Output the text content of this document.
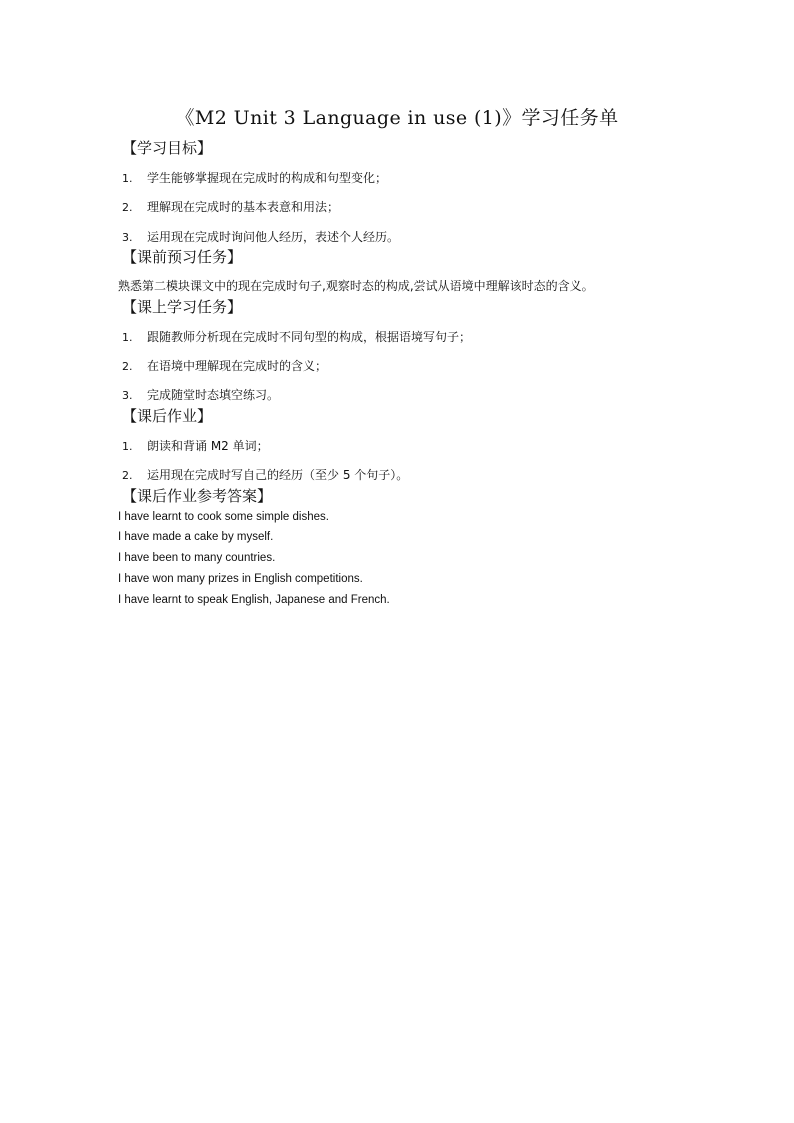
《M2 Unit 3 Language in use (1)》学习任务单
【学习目标】
1. 学生能够掌握现在完成时的构成和句型变化；
2. 理解现在完成时的基本表意和用法；
3. 运用现在完成时询问他人经历，表述个人经历。
【课前预习任务】
熟悉第二模块课文中的现在完成时句子,观察时态的构成,尝试从语境中理解该时态的含义。
【课上学习任务】
1. 跟随教师分析现在完成时不同句型的构成，根据语境写句子；
2. 在语境中理解现在完成时的含义；
3. 完成随堂时态填空练习。
【课后作业】
1. 朗读和背诵 M2 单词；
2. 运用现在完成时写自己的经历（至少 5 个句子）。
【课后作业参考答案】
I have learnt to cook some simple dishes.
I have made a cake by myself.
I have been to many countries.
I have won many prizes in English competitions.
I have learnt to speak English, Japanese and French.
